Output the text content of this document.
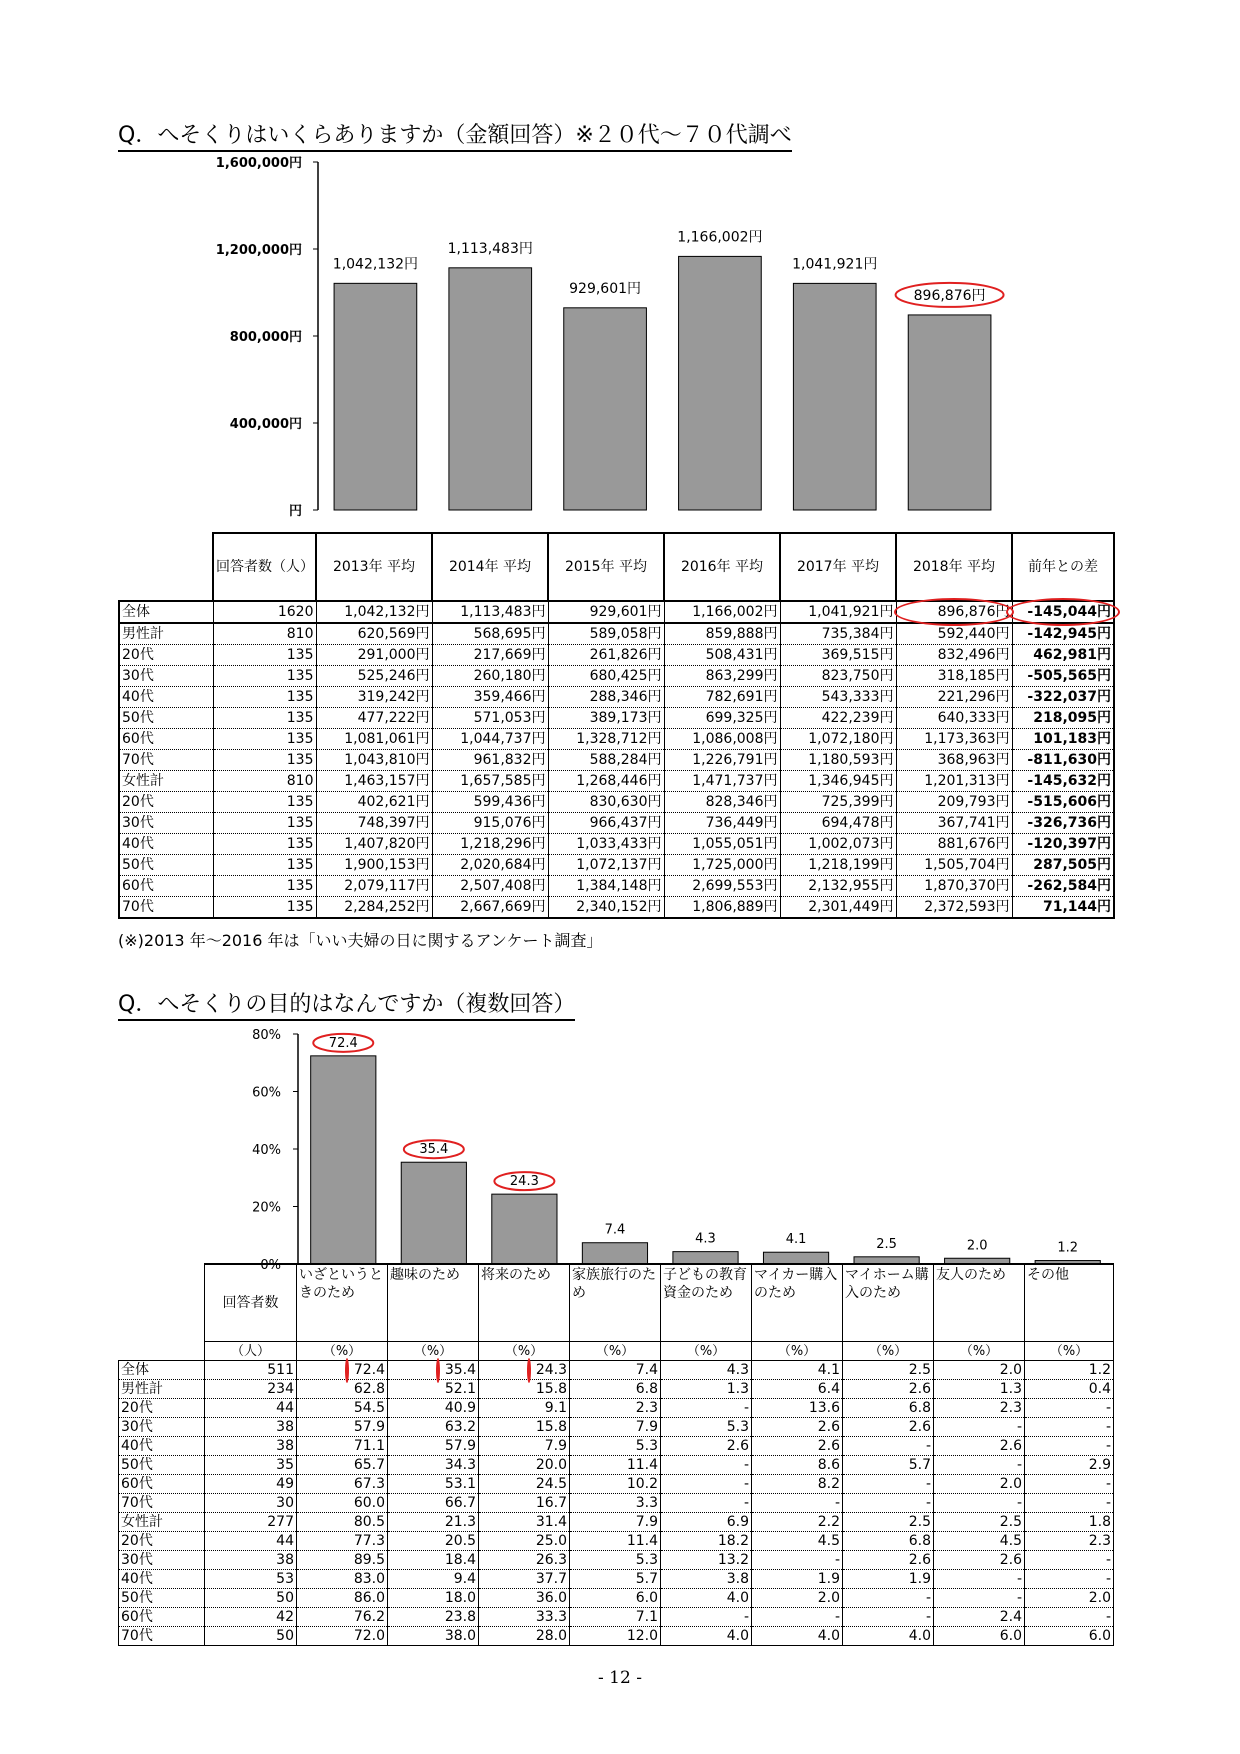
Q．へそくりはいくらありますか（金額回答）※２０代～７０代調べ
円
400,000円
800,000円
1,200,000円
1,600,000円
1,042,132円
1,113,483円
929,601円
1,166,002円
1,041,921円
896,876円
	回答者数（人）	2013年 平均	2014年 平均	2015年 平均	2016年 平均	2017年 平均	2018年 平均	前年との差
全体	1620	1,042,132円	1,113,483円	929,601円	1,166,002円	1,041,921円	896,876円	-145,044円
男性計	810	620,569円	568,695円	589,058円	859,888円	735,384円	592,440円	-142,945円
20代	135	291,000円	217,669円	261,826円	508,431円	369,515円	832,496円	462,981円
30代	135	525,246円	260,180円	680,425円	863,299円	823,750円	318,185円	-505,565円
40代	135	319,242円	359,466円	288,346円	782,691円	543,333円	221,296円	-322,037円
50代	135	477,222円	571,053円	389,173円	699,325円	422,239円	640,333円	218,095円
60代	135	1,081,061円	1,044,737円	1,328,712円	1,086,008円	1,072,180円	1,173,363円	101,183円
70代	135	1,043,810円	961,832円	588,284円	1,226,791円	1,180,593円	368,963円	-811,630円
女性計	810	1,463,157円	1,657,585円	1,268,446円	1,471,737円	1,346,945円	1,201,313円	-145,632円
20代	135	402,621円	599,436円	830,630円	828,346円	725,399円	209,793円	-515,606円
30代	135	748,397円	915,076円	966,437円	736,449円	694,478円	367,741円	-326,736円
40代	135	1,407,820円	1,218,296円	1,033,433円	1,055,051円	1,002,073円	881,676円	-120,397円
50代	135	1,900,153円	2,020,684円	1,072,137円	1,725,000円	1,218,199円	1,505,704円	287,505円
60代	135	2,079,117円	2,507,408円	1,384,148円	2,699,553円	2,132,955円	1,870,370円	-262,584円
70代	135	2,284,252円	2,667,669円	2,340,152円	1,806,889円	2,301,449円	2,372,593円	71,144円
(※)2013 年～2016 年は「いい夫婦の日に関するアンケート調査」
Q．へそくりの目的はなんですか（複数回答）
0%
20%
40%
60%
80%
72.4
35.4
24.3
7.4
4.3	4.1	2.5	2.0	1.2
	回答者数	いざというときのため	趣味のため	将来のため	家族旅行のため	子どもの教育資金のため	マイカー購入のため	マイホーム購入のため	友人のため	その他
	（人）	（%）	（%）	（%）	（%）	（%）	（%）	（%）	（%）	（%）
全体	511	72.4	35.4	24.3	7.4	4.3	4.1	2.5	2.0	1.2
男性計	234	62.8	52.1	15.8	6.8	1.3	6.4	2.6	1.3	0.4
20代	44	54.5	40.9	9.1	2.3	-	13.6	6.8	2.3	-
30代	38	57.9	63.2	15.8	7.9	5.3	2.6	2.6	-	-
40代	38	71.1	57.9	7.9	5.3	2.6	2.6	-	2.6	-
50代	35	65.7	34.3	20.0	11.4	-	8.6	5.7	-	2.9
60代	49	67.3	53.1	24.5	10.2	-	8.2	-	2.0	-
70代	30	60.0	66.7	16.7	3.3	-	-	-	-	-
女性計	277	80.5	21.3	31.4	7.9	6.9	2.2	2.5	2.5	1.8
20代	44	77.3	20.5	25.0	11.4	18.2	4.5	6.8	4.5	2.3
30代	38	89.5	18.4	26.3	5.3	13.2	-	2.6	2.6	-
40代	53	83.0	9.4	37.7	5.7	3.8	1.9	1.9	-	-
50代	50	86.0	18.0	36.0	6.0	4.0	2.0	-	-	2.0
60代	42	76.2	23.8	33.3	7.1	-	-	-	2.4	-
70代	50	72.0	38.0	28.0	12.0	4.0	4.0	4.0	6.0	6.0
- 12 -
